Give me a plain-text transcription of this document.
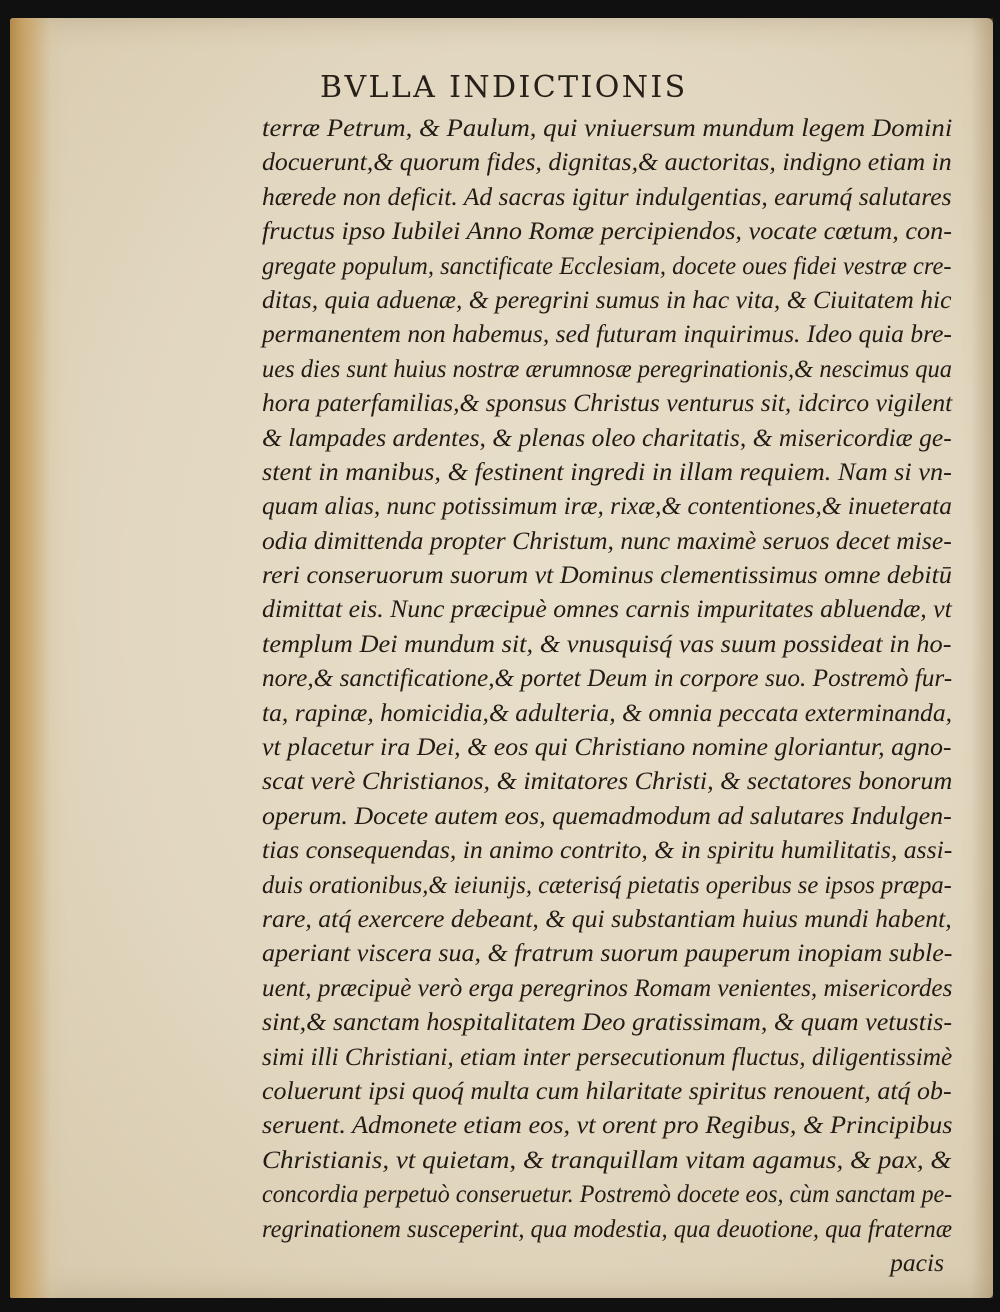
BVLLA INDICTIONIS
terræ Petrum, & Paulum, qui vniuersum mundum legem Domini
docuerunt,& quorum fides, dignitas,& auctoritas, indigno etiam in
hærede non deficit. Ad sacras igitur indulgentias, earumq́ salutares
fructus ipso Iubilei Anno Romæ percipiendos, vocate cœtum, con-
gregate populum, sanctificate Ecclesiam, docete oues fidei vestræ cre-
ditas, quia aduenæ, & peregrini sumus in hac vita, & Ciuitatem hic
permanentem non habemus, sed futuram inquirimus. Ideo quia bre-
ues dies sunt huius nostræ ærumnosæ peregrinationis,& nescimus qua
hora paterfamilias,& sponsus Christus venturus sit, idcirco vigilent
& lampades ardentes, & plenas oleo charitatis, & misericordiæ ge-
stent in manibus, & festinent ingredi in illam requiem. Nam si vn-
quam alias, nunc potissimum iræ, rixæ,& contentiones,& inueterata
odia dimittenda propter Christum, nunc maximè seruos decet mise-
reri conseruorum suorum vt Dominus clementissimus omne debitū
dimittat eis. Nunc præcipuè omnes carnis impuritates abluendæ, vt
templum Dei mundum sit, & vnusquisq́ vas suum possideat in ho-
nore,& sanctificatione,& portet Deum in corpore suo. Postremò fur-
ta, rapinæ, homicidia,& adulteria, & omnia peccata exterminanda,
vt placetur ira Dei, & eos qui Christiano nomine gloriantur, agno-
scat verè Christianos, & imitatores Christi, & sectatores bonorum
operum. Docete autem eos, quemadmodum ad salutares Indulgen-
tias consequendas, in animo contrito, & in spiritu humilitatis, assi-
duis orationibus,& ieiunijs, cæterisq́ pietatis operibus se ipsos præpa-
rare, atq́ exercere debeant, & qui substantiam huius mundi habent,
aperiant viscera sua, & fratrum suorum pauperum inopiam suble-
uent, præcipuè verò erga peregrinos Romam venientes, misericordes
sint,& sanctam hospitalitatem Deo gratissimam, & quam vetustis-
simi illi Christiani, etiam inter persecutionum fluctus, diligentissimè
coluerunt ipsi quoq́ multa cum hilaritate spiritus renouent, atq́ ob-
seruent. Admonete etiam eos, vt orent pro Regibus, & Principibus
Christianis, vt quietam, & tranquillam vitam agamus, & pax, &
concordia perpetuò conseruetur. Postremò docete eos, cùm sanctam pe-
regrinationem susceperint, qua modestia, qua deuotione, qua fraternæ
pacis
